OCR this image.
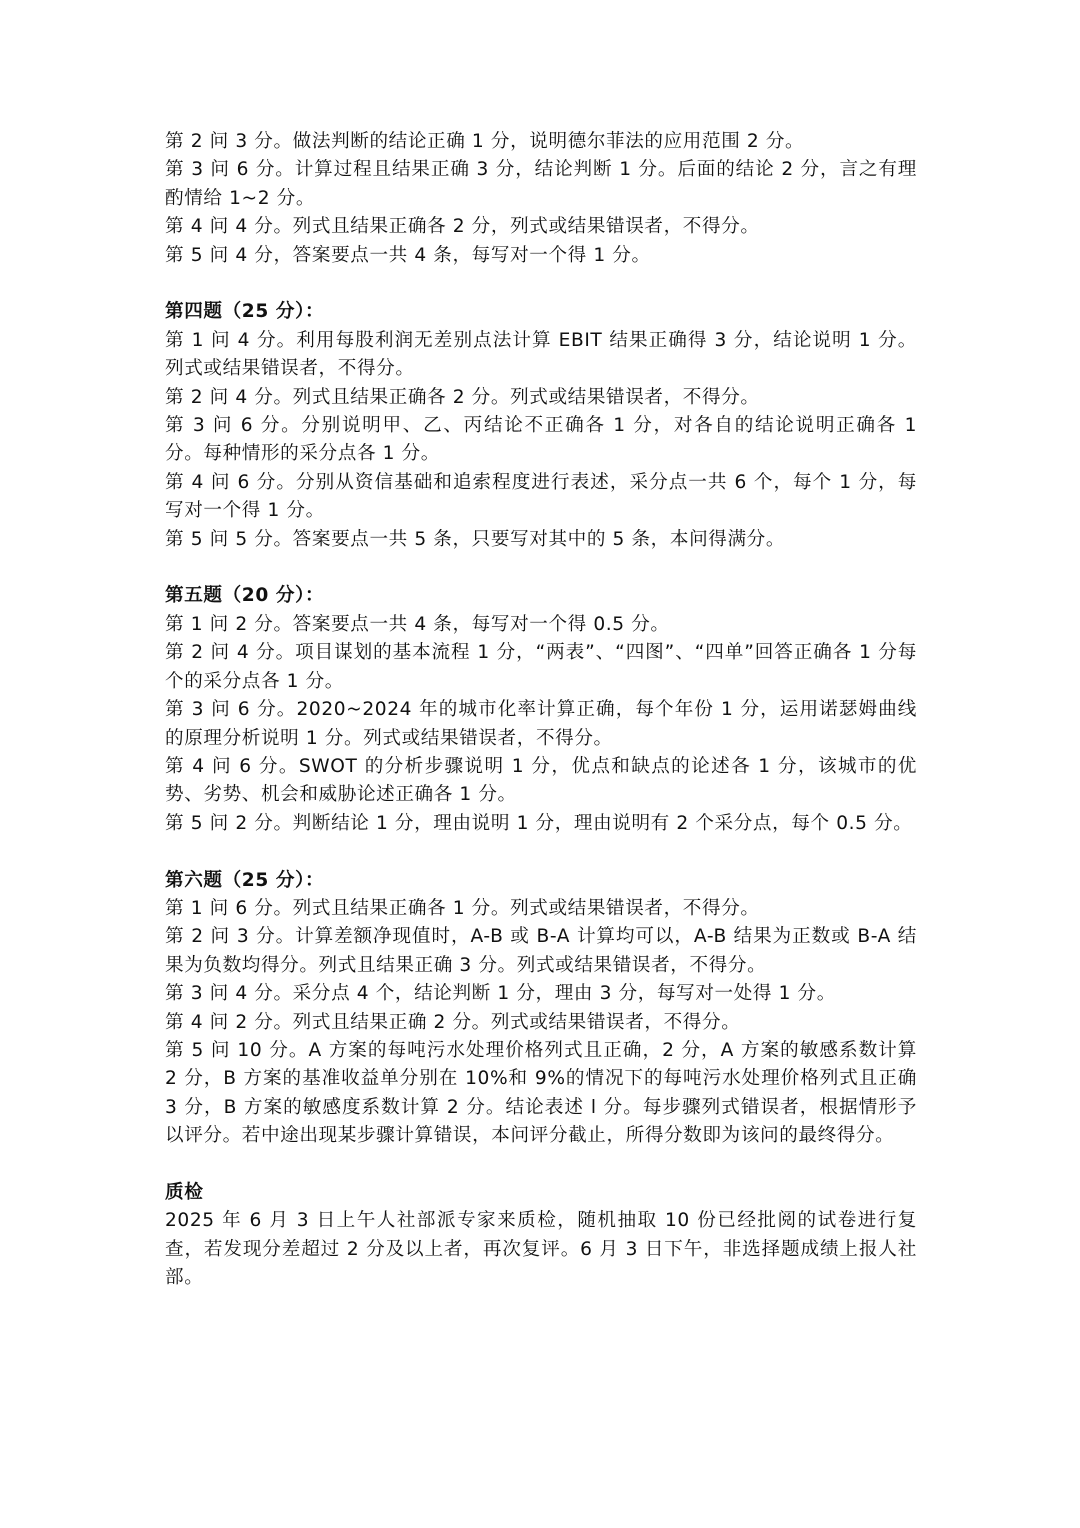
第 2 问 3 分。做法判断的结论正确 1 分，说明德尔菲法的应用范围 2 分。

第 3 问 6 分。计算过程且结果正确 3 分，结论判断 1 分。后面的结论 2 分，言之有理酌情给 1~2 分。

第 4 问 4 分。列式且结果正确各 2 分，列式或结果错误者，不得分。

第 5 问 4 分，答案要点一共 4 条，每写对一个得 1 分。

第四题（25 分）：

第 1 问 4 分。利用每股利润无差别点法计算 EBIT 结果正确得 3 分，结论说明 1 分。列式或结果错误者，不得分。

第 2 问 4 分。列式且结果正确各 2 分。列式或结果错误者，不得分。

第 3 问 6 分。分别说明甲、乙、丙结论不正确各 1 分，对各自的结论说明正确各 1 分。每种情形的采分点各 1 分。

第 4 问 6 分。分别从资信基础和追索程度进行表述，采分点一共 6 个，每个 1 分，每写对一个得 1 分。

第 5 问 5 分。答案要点一共 5 条，只要写对其中的 5 条，本问得满分。

第五题（20 分）：

第 1 问 2 分。答案要点一共 4 条，每写对一个得 0.5 分。

第 2 问 4 分。项目谋划的基本流程 1 分，“两表”、“四图”、“四单”回答正确各 1 分每个的采分点各 1 分。

第 3 问 6 分。2020~2024 年的城市化率计算正确，每个年份 1 分，运用诺瑟姆曲线的原理分析说明 1 分。列式或结果错误者，不得分。

第 4 问 6 分。SWOT 的分析步骤说明 1 分，优点和缺点的论述各 1 分，该城市的优势、劣势、机会和威胁论述正确各 1 分。

第 5 问 2 分。判断结论 1 分，理由说明 1 分，理由说明有 2 个采分点，每个 0.5 分。

第六题（25 分）：

第 1 问 6 分。列式且结果正确各 1 分。列式或结果错误者，不得分。

第 2 问 3 分。计算差额净现值时，A-B 或 B-A 计算均可以，A-B 结果为正数或 B-A 结果为负数均得分。列式且结果正确 3 分。列式或结果错误者，不得分。

第 3 问 4 分。采分点 4 个，结论判断 1 分，理由 3 分，每写对一处得 1 分。

第 4 问 2 分。列式且结果正确 2 分。列式或结果错误者，不得分。

第 5 问 10 分。A 方案的每吨污水处理价格列式且正确，2 分，A 方案的敏感系数计算 2 分，B 方案的基准收益单分别在 10%和 9%的情况下的每吨污水处理价格列式且正确 3 分，B 方案的敏感度系数计算 2 分。结论表述 l 分。每步骤列式错误者，根据情形予以评分。若中途出现某步骤计算错误，本问评分截止，所得分数即为该问的最终得分。

质检

2025 年 6 月 3 日上午人社部派专家来质检，随机抽取 10 份已经批阅的试卷进行复查，若发现分差超过 2 分及以上者，再次复评。6 月 3 日下午，非选择题成绩上报人社部。
